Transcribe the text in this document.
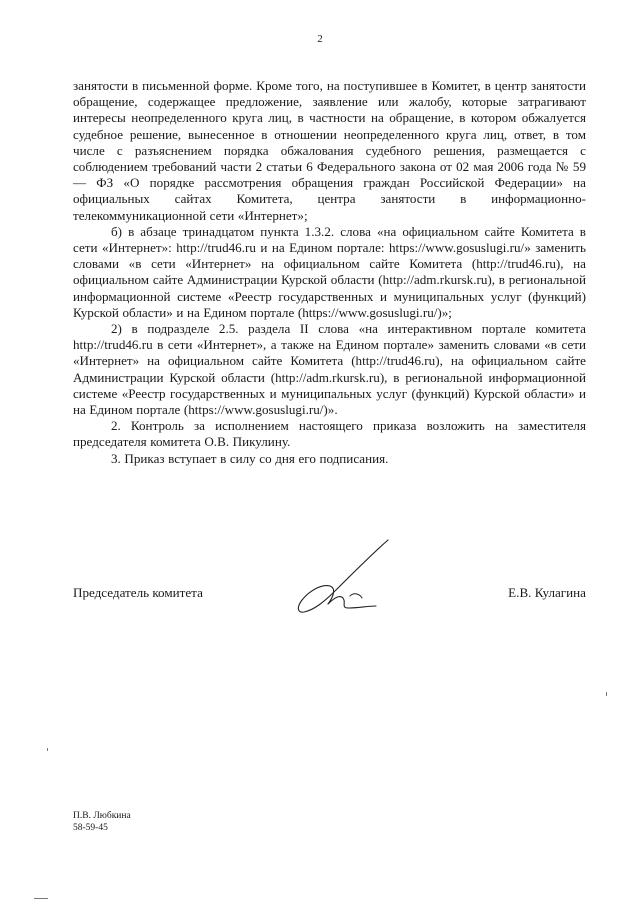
2

занятости в письменной форме. Кроме того, на поступившее в Комитет, в центр занятости обращение, содержащее предложение, заявление или жалобу, которые затрагивают интересы неопределенного круга лиц, в частности на обращение, в котором обжалуется судебное решение, вынесенное в отношении неопределенного круга лиц, ответ, в том числе с разъяснением порядка обжалования судебного решения, размещается с соблюдением требований части 2 статьи 6 Федерального закона от 02 мая 2006 года № 59 — ФЗ «О порядке рассмотрения обращения граждан Российской Федерации» на официальных сайтах Комитета, центра занятости в информационно-телекоммуникационной сети «Интернет»;

б) в абзаце тринадцатом пункта 1.3.2. слова «на официальном сайте Комитета в сети «Интернет»: http://trud46.ru и на Едином портале: https://www.gosuslugi.ru/» заменить словами «в сети «Интернет» на официальном сайте Комитета (http://trud46.ru), на официальном сайте Администрации Курской области (http://adm.rkursk.ru), в региональной информационной системе «Реестр государственных и муниципальных услуг (функций) Курской области» и на Едином портале (https://www.gosuslugi.ru/)»;

2) в подразделе 2.5. раздела II слова «на интерактивном портале комитета http://trud46.ru в сети «Интернет», а также на Едином портале» заменить словами «в сети «Интернет» на официальном сайте Комитета (http://trud46.ru), на официальном сайте Администрации Курской области (http://adm.rkursk.ru), в региональной информационной системе «Реестр государственных и муниципальных услуг (функций) Курской области» и на Едином портале (https://www.gosuslugi.ru/)».

2. Контроль за исполнением настоящего приказа возложить на заместителя председателя комитета О.В. Пикулину.

3. Приказ вступает в силу со дня его подписания.

Председатель комитета	Е.В. Кулагина
П.В. Любкина
58-59-45
